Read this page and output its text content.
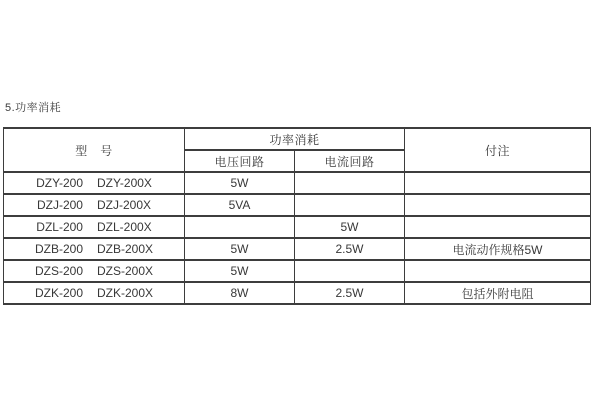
5.功率消耗
型　号	功率消耗		付注
	电压回路	电流回路	

DZY-200 DZY-200X	5W		

DZJ-200 DZJ-200X	5VA		

DZL-200 DZL-200X		5W	

DZB-200 DZB-200X	5W	2.5W	电流动作规格5W

DZS-200 DZS-200X	5W		

DZK-200 DZK-200X	8W	2.5W	包括外附电阻
